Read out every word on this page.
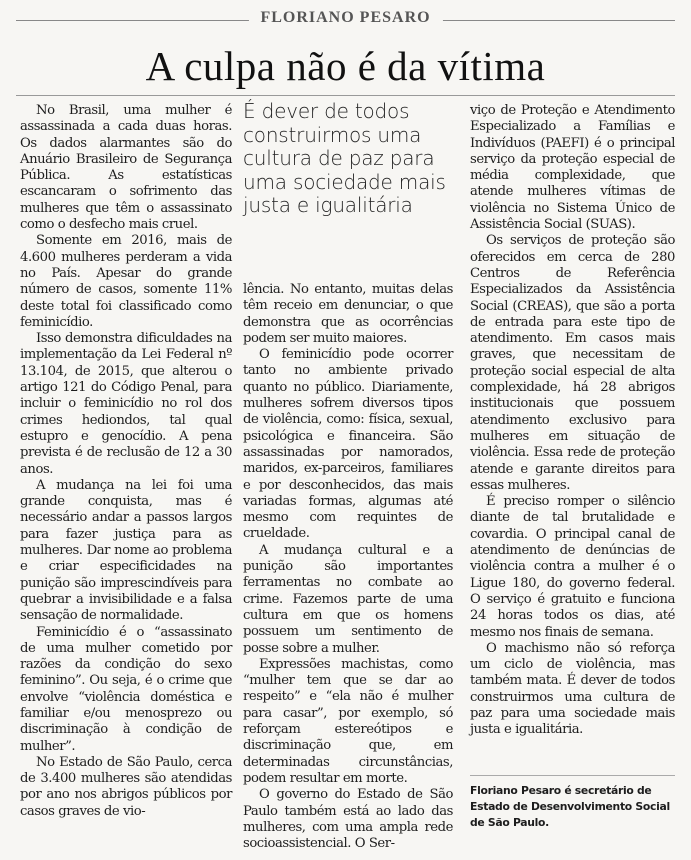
FLORIANO PESARO
A culpa não é da vítima

No Brasil, uma mulher é assassinada a cada duas horas. Os dados alarmantes são do Anuário Brasileiro de Segurança Pública. As estatísticas escancaram o sofrimento das mulheres que têm o assassinato como o desfecho mais cruel.

Somente em 2016, mais de 4.600 mulheres perderam a vida no País. Apesar do grande número de casos, somente 11% deste total foi classificado como feminicídio.

Isso demonstra dificuldades na implementação da Lei Federal nº 13.104, de 2015, que alterou o artigo 121 do Código Penal, para incluir o feminicídio no rol dos crimes hediondos, tal qual estupro e genocídio. A pena prevista é de reclusão de 12 a 30 anos.

A mudança na lei foi uma grande conquista, mas é necessário andar a passos largos para fazer justiça para as mulheres. Dar nome ao problema e criar especificidades na punição são imprescindíveis para quebrar a invisibilidade e a falsa sensação de normalidade.

Feminicídio é o “assassinato de uma mulher cometido por razões da condição do sexo feminino”. Ou seja, é o crime que envolve “violência doméstica e familiar e/ou menosprezo ou discriminação à condição de mulher”.

No Estado de São Paulo, cerca de 3.400 mulheres são atendidas por ano nos abrigos públicos por casos graves de vio-

É dever de todos construirmos uma cultura de paz para uma sociedade mais justa e igualitária

lência. No entanto, muitas delas têm receio em denunciar, o que demonstra que as ocorrências podem ser muito maiores.

O feminicídio pode ocorrer tanto no ambiente privado quanto no público. Diariamente, mulheres sofrem diversos tipos de violência, como: física, sexual, psicológica e financeira. São assassinadas por namorados, maridos, ex-parceiros, familiares e por desconhecidos, das mais variadas formas, algumas até mesmo com requintes de crueldade.

A mudança cultural e a punição são importantes ferramentas no combate ao crime. Fazemos parte de uma cultura em que os homens possuem um sentimento de posse sobre a mulher.

Expressões machistas, como “mulher tem que se dar ao respeito” e “ela não é mulher para casar”, por exemplo, só reforçam estereótipos e discriminação que, em determinadas circunstâncias, podem resultar em morte.

O governo do Estado de São Paulo também está ao lado das mulheres, com uma ampla rede socioassistencial. O Ser-

viço de Proteção e Atendimento Especializado a Famílias e Indivíduos (PAEFI) é o principal serviço da proteção especial de média complexidade, que atende mulheres vítimas de violência no Sistema Único de Assistência Social (SUAS).

Os serviços de proteção são oferecidos em cerca de 280 Centros de Referência Especializados da Assistência Social (CREAS), que são a porta de entrada para este tipo de atendimento. Em casos mais graves, que necessitam de proteção social especial de alta complexidade, há 28 abrigos institucionais que possuem atendimento exclusivo para mulheres em situação de violência. Essa rede de proteção atende e garante direitos para essas mulheres.

É preciso romper o silêncio diante de tal brutalidade e covardia. O principal canal de atendimento de denúncias de violência contra a mulher é o Ligue 180, do governo federal. O serviço é gratuito e funciona 24 horas todos os dias, até mesmo nos finais de semana.

O machismo não só reforça um ciclo de violência, mas também mata. É dever de todos construirmos uma cultura de paz para uma sociedade mais justa e igualitária.

Floriano Pesaro é secretário de Estado de Desenvolvimento Social de São Paulo.
